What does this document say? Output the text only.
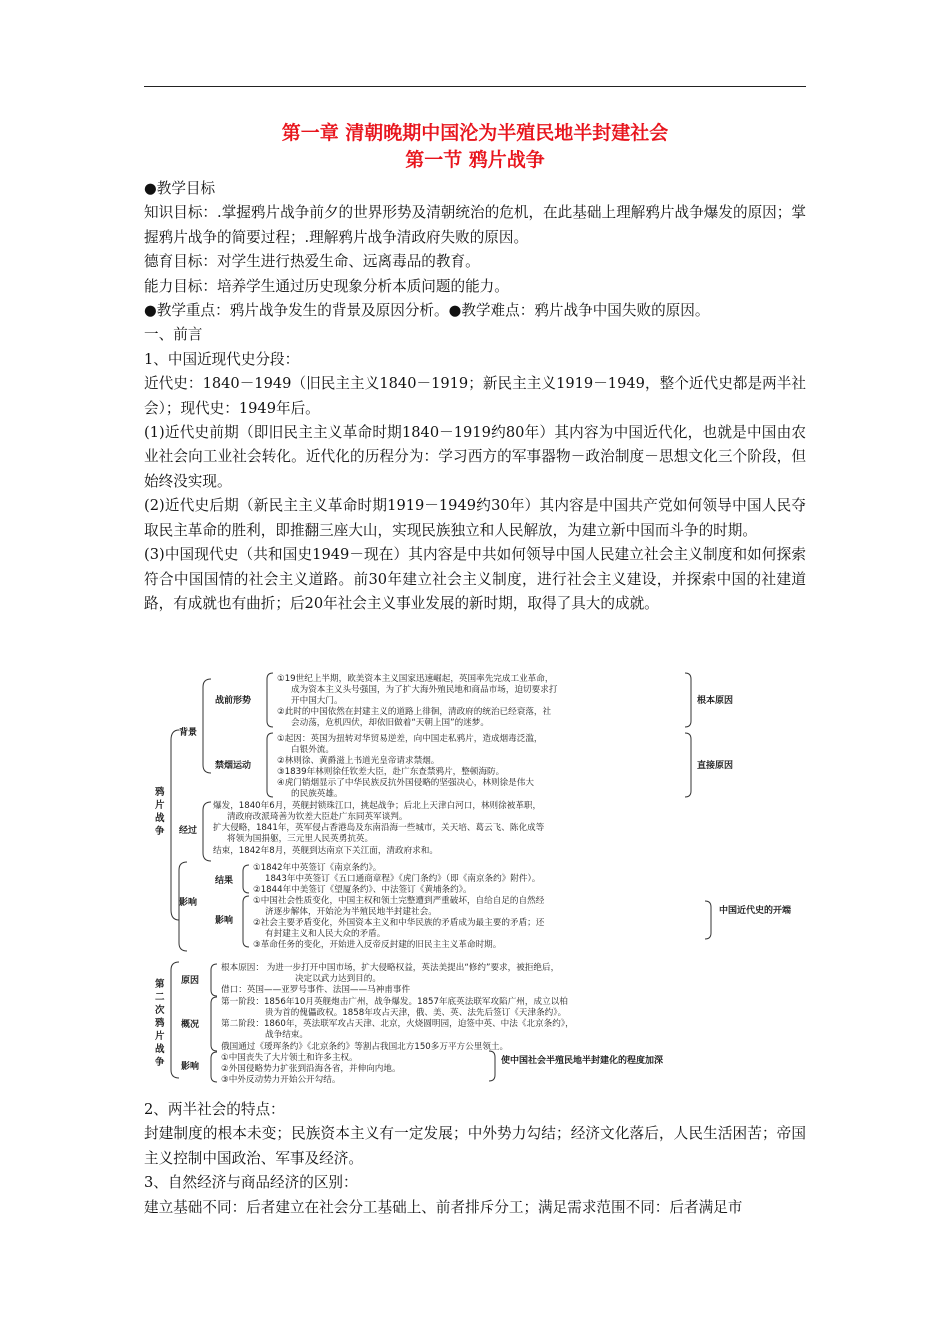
第一章 清朝晚期中国沦为半殖民地半封建社会
第一节 鸦片战争

●教学目标

知识目标：.掌握鸦片战争前夕的世界形势及清朝统治的危机，在此基础上理解鸦片战争爆发的原因；掌握鸦片战争的简要过程；.理解鸦片战争清政府失败的原因。

德育目标：对学生进行热爱生命、远离毒品的教育。

能力目标：培养学生通过历史现象分析本质问题的能力。

●教学重点：鸦片战争发生的背景及原因分析。●教学难点：鸦片战争中国失败的原因。

一、前言

1、中国近现代史分段：

近代史：1840－1949（旧民主主义1840－1919；新民主主义1919－1949，整个近代史都是两半社会）；现代史：1949年后。

(1)近代史前期（即旧民主主义革命时期1840－1919约80年）其内容为中国近代化，也就是中国由农业社会向工业社会转化。近代化的历程分为：学习西方的军事器物－政治制度－思想文化三个阶段，但始终没实现。

(2)近代史后期（新民主主义革命时期1919－1949约30年）其内容是中国共产党如何领导中国人民夺取民主革命的胜利，即推翻三座大山，实现民族独立和人民解放，为建立新中国而斗争的时期。

(3)中国现代史（共和国史1949－现在）其内容是中共如何领导中国人民建立社会主义制度和如何探索符合中国国情的社会主义道路。前30年建立社会主义制度，进行社会主义建设，并探索中国的社建道路，有成就也有曲折；后20年社会主义事业发展的新时期，取得了具大的成就。

鸦片战争
第二次鸦片战争
背景
战前形势
禁烟运动
经过
影响
结果
影响
原因
概况
影响
根本原因
直接原因
中国近代史的开端
使中国社会半殖民地半封建化的程度加深
①19世纪上半期，欧美资本主义国家迅速崛起，英国率先完成工业革命，
成为资本主义头号强国，为了扩大海外殖民地和商品市场，迫切要求打
开中国大门。
②此时的中国依然在封建主义的道路上徘徊，清政府的统治已经衰落，社
会动荡，危机四伏，却依旧做着“天朝上国”的迷梦。
①起因：英国为扭转对华贸易逆差，向中国走私鸦片，造成烟毒泛滥，
白银外流。
②林则徐、黄爵滋上书道光皇帝请求禁烟。
③1839年林则徐任钦差大臣，赴广东查禁鸦片，整顿海防。
④虎门销烟显示了中华民族反抗外国侵略的坚强决心，林则徐是伟大
的民族英雄。
爆发，1840年6月，英舰封锁珠江口，挑起战争；后北上天津白河口，林则徐被革职，
清政府改派琦善为钦差大臣赴广东同英军谈判。
扩大侵略，1841年，英军侵占香港岛及东南沿海一些城市，关天培、葛云飞、陈化成等
将领为国捐躯，三元里人民英勇抗英。
结束，1842年8月，英舰到达南京下关江面，清政府求和。
①1842年中英签订《南京条约》。
1843年中英签订《五口通商章程》《虎门条约》（即《南京条约》附件）。
②1844年中美签订《望厦条约》、中法签订《黄埔条约》。
①中国社会性质变化，中国主权和领土完整遭到严重破坏，自给自足的自然经
济逐步解体，开始沦为半殖民地半封建社会。
②社会主要矛盾变化，外国资本主义和中华民族的矛盾成为最主要的矛盾；还
有封建主义和人民大众的矛盾。
③革命任务的变化，开始进入反帝反封建的旧民主主义革命时期。
根本原因： 为进一步打开中国市场，扩大侵略权益，英法美提出“修约”要求，被拒绝后，
决定以武力达到目的。
借口：英国——亚罗号事件、法国——马神甫事件
第一阶段：1856年10月英舰炮击广州，战争爆发。1857年底英法联军攻陷广州，成立以柏
贵为首的傀儡政权。1858年攻占天津，俄、美、英、法先后签订《天津条约》。
第二阶段：1860年，英法联军攻占天津、北京，火烧圆明园，迫签中英、中法《北京条约》，
战争结束。
俄国通过《瑷珲条约》《北京条约》等割占我国北方150多万平方公里领土。
①中国丧失了大片领土和许多主权。
②外国侵略势力扩张到沿海各省，并伸向内地。
③中外反动势力开始公开勾结。

2、两半社会的特点：

封建制度的根本未变；民族资本主义有一定发展；中外势力勾结；经济文化落后，人民生活困苦；帝国主义控制中国政治、军事及经济。

3、自然经济与商品经济的区别：

建立基础不同：后者建立在社会分工基础上、前者排斥分工；满足需求范围不同：后者满足市
